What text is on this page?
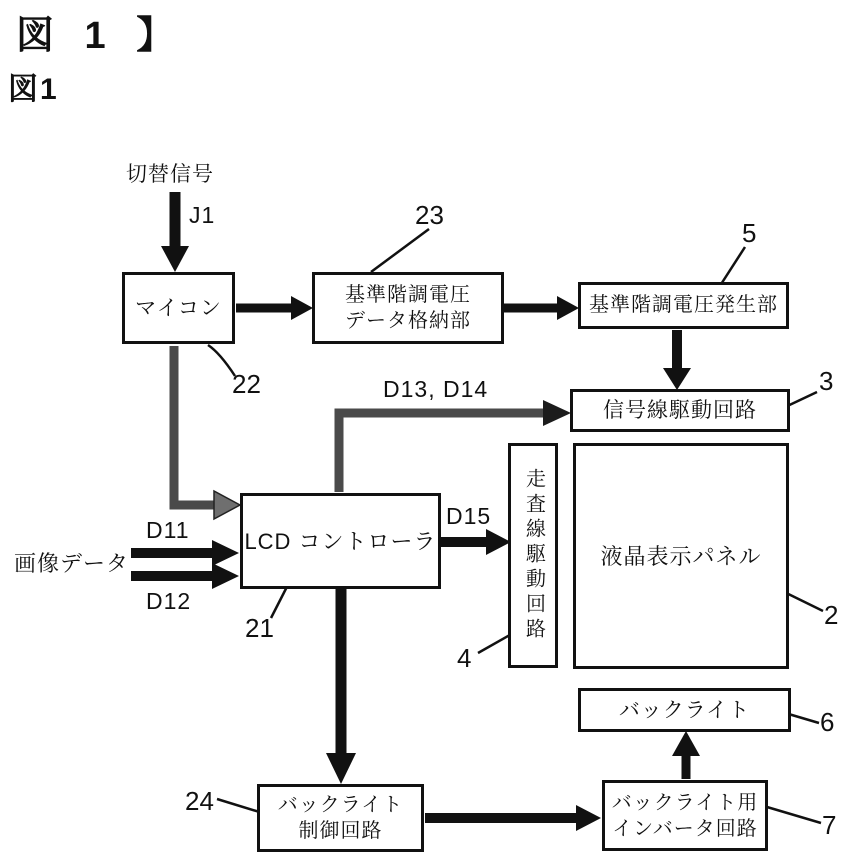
図 1 】
図1
切替信号
J1
D13, D14
画像データ
D11
D12
D15
マイコン
基準階調電圧
データ格納部
基準階調電圧発生部
信号線駆動回路
液晶表示パネル
走査線駆動回路
LCD コントローラ
バックライト
バックライト
制御回路
バックライト用
インバータ回路
22
23
5
3
2
4
21
24
6
7
